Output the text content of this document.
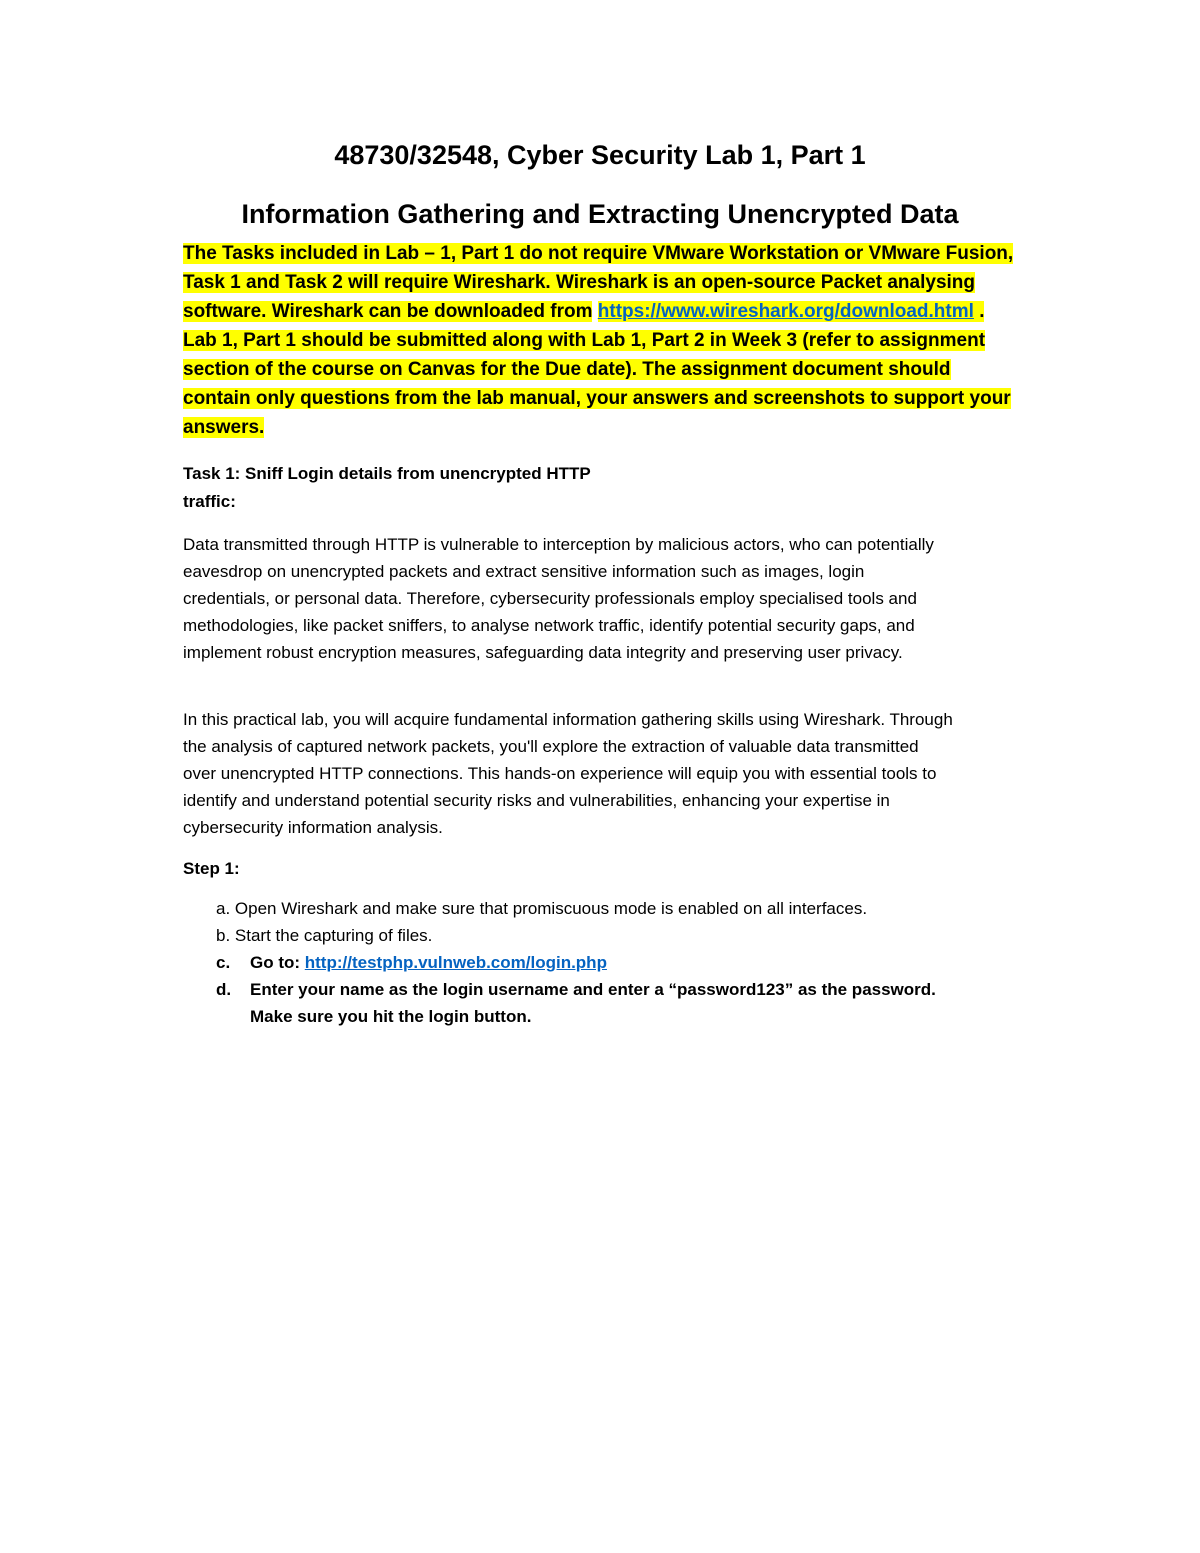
48730/32548, Cyber Security Lab 1, Part 1
Information Gathering and Extracting Unencrypted Data
The Tasks included in Lab – 1, Part 1 do not require VMware Workstation or VMware Fusion, Task 1 and Task 2 will require Wireshark. Wireshark is an open-source Packet analysing software. Wireshark can be downloaded from https://www.wireshark.org/download.html . Lab 1, Part 1 should be submitted along with Lab 1, Part 2 in Week 3 (refer to assignment section of the course on Canvas for the Due date). The assignment document should contain only questions from the lab manual, your answers and screenshots to support your answers.
Task 1: Sniff Login details from unencrypted HTTP
traffic:

Data transmitted through HTTP is vulnerable to interception by malicious actors, who can potentially eavesdrop on unencrypted packets and extract sensitive information such as images, login credentials, or personal data. Therefore, cybersecurity professionals employ specialised tools and methodologies, like packet sniffers, to analyse network traffic, identify potential security gaps, and implement robust encryption measures, safeguarding data integrity and preserving user privacy.

In this practical lab, you will acquire fundamental information gathering skills using Wireshark. Through the analysis of captured network packets, you'll explore the extraction of valuable data transmitted over unencrypted HTTP connections. This hands-on experience will equip you with essential tools to identify and understand potential security risks and vulnerabilities, enhancing your expertise in cybersecurity information analysis.

Step 1:
a. Open Wireshark and make sure that promiscuous mode is enabled on all interfaces.
b. Start the capturing of files.
c. Go to: http://testphp.vulnweb.com/login.php
d. Enter your name as the login username and enter a “password123” as the password. Make sure you hit the login button.
